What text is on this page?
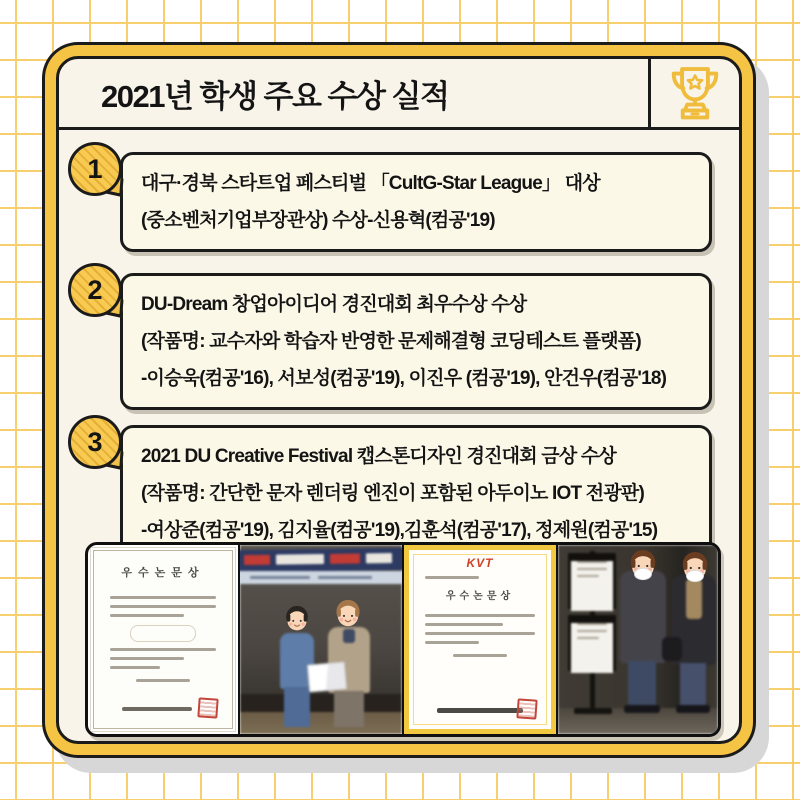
2021년 학생 주요 수상 실적
1	대구·경북 스타트업 페스티벌 「CultG-Star League」 대상
(중소벤처기업부장관상) 수상-신용혁(컴공'19)
2	DU-Dream 창업아이디어 경진대회 최우수상 수상
(작품명: 교수자와 학습자 반영한 문제해결형 코딩테스트 플랫폼)
-이승욱(컴공'16), 서보성(컴공'19), 이진우 (컴공'19), 안건우(컴공'18)
3	2021 DU Creative Festival 캡스톤디자인 경진대회 금상 수상
(작품명: 간단한 문자 렌더링 엔진이 포함된 아두이노 IOT 전광판)
-여상준(컴공'19), 김지율(컴공'19),김훈석(컴공'17), 정제원(컴공'15)
우수논문상
KVT
우수논문상
